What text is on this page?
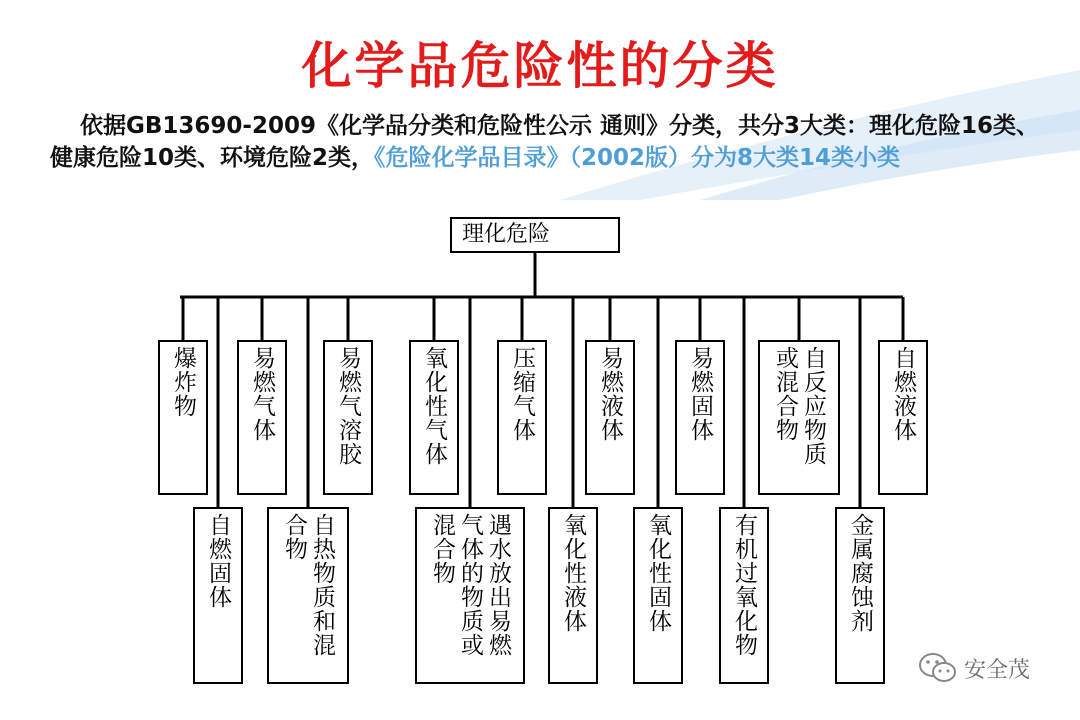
化学品危险性的分类
依据GB13690-2009《化学品分类和危险性公示 通则》分类，共分3大类：理化危险16类、健康危险10类、环境危险2类，《危险化学品目录》（2002版）分为8大类14类小类
理化危险
爆炸物 易燃气体	易燃气溶胶	氧化性气体	压缩气体	易燃液体	易燃固体	自反应物质
或混合物	自燃液体
自燃固体	自热物质和混
合物	遇水放出易燃
气体的物质或
混合物	氧化性液体	氧化性固体	有机过氧化物	金属腐蚀剂
安全茂
